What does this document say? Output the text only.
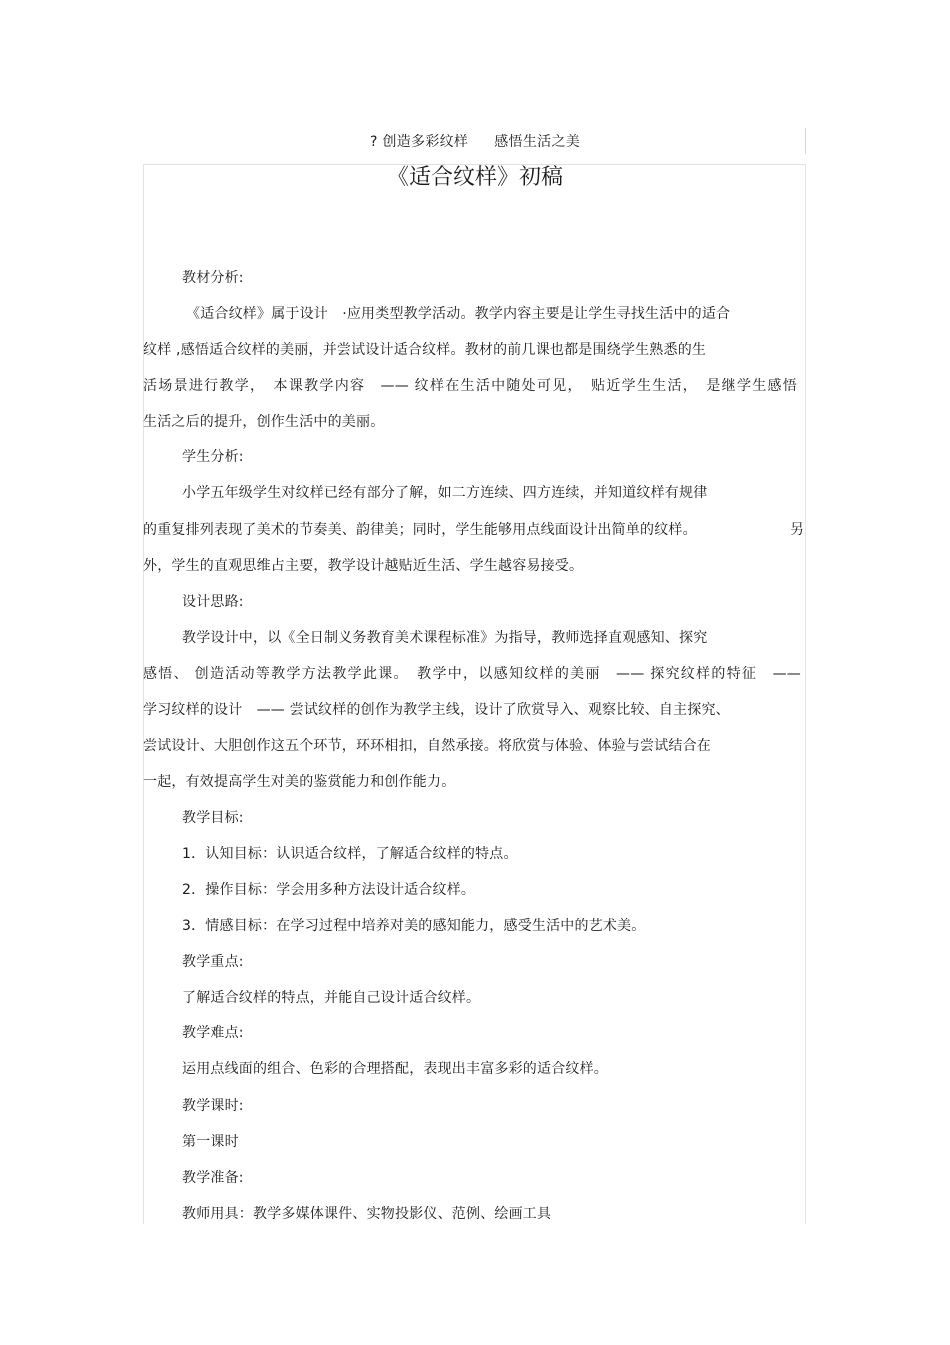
? 创造多彩纹样 感悟生活之美
《适合纹样》初稿
教材分析:
《适合纹样》属于设计　·应用类型教学活动。教学内容主要是让学生寻找生活中的适合
纹样 ,感悟适合纹样的美丽，并尝试设计适合纹样。教材的前几课也都是围绕学生熟悉的生
活场景进行教学，　本课教学内容　—— 纹样在生活中随处可见，　贴近学生生活，　是继学生感悟
生活之后的提升，创作生活中的美丽。
学生分析:
小学五年级学生对纹样已经有部分了解，如二方连续、四方连续，并知道纹样有规律
的重复排列表现了美术的节奏美、韵律美；同时，学生能够用点线面设计出简单的纹样。	另
外，学生的直观思维占主要，教学设计越贴近生活、学生越容易接受。
设计思路:
教学设计中，以《全日制义务教育美术课程标准》为指导，教师选择直观感知、探究
感悟、 创造活动等教学方法教学此课。　教学中，以感知纹样的美丽　—— 探究纹样的特征　——
学习纹样的设计　—— 尝试纹样的创作为教学主线，设计了欣赏导入、观察比较、自主探究、
尝试设计、大胆创作这五个环节，环环相扣，自然承接。将欣赏与体验、体验与尝试结合在
一起，有效提高学生对美的鉴赏能力和创作能力。
教学目标:
1．认知目标：认识适合纹样，了解适合纹样的特点。
2．操作目标：学会用多种方法设计适合纹样。
3．情感目标：在学习过程中培养对美的感知能力，感受生活中的艺术美。
教学重点:
了解适合纹样的特点，并能自己设计适合纹样。
教学难点:
运用点线面的组合、色彩的合理搭配，表现出丰富多彩的适合纹样。
教学课时:
第一课时
教学准备:
教师用具：教学多媒体课件、实物投影仪、范例、绘画工具
